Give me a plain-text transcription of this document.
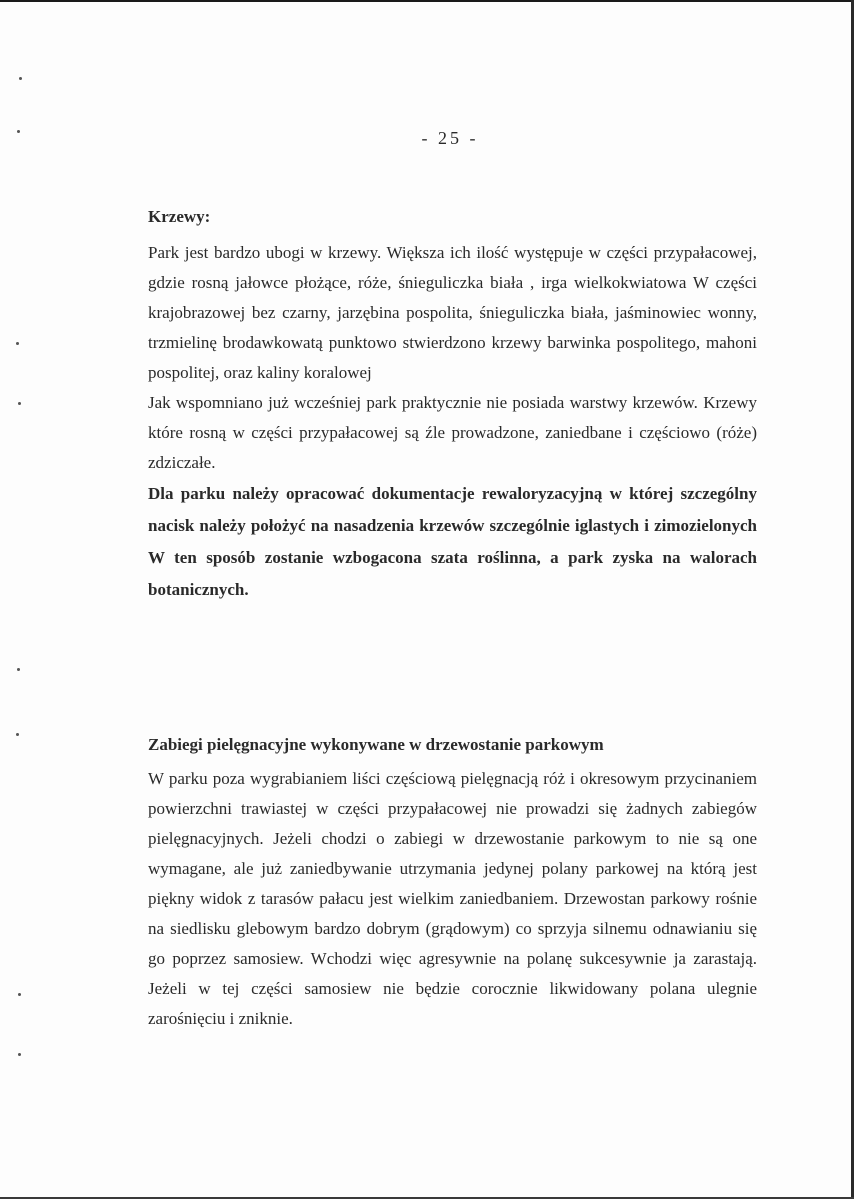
- 25 -
Krzewy:

Park jest bardzo ubogi w krzewy. Większa ich ilość występuje w części przypałacowej, gdzie rosną jałowce płożące, róże, śnieguliczka biała , irga wielkokwiatowa W części krajobrazowej bez czarny, jarzębina pospolita, śnieguliczka biała, jaśminowiec wonny, trzmielinę brodawkowatą punktowo stwierdzono krzewy barwinka pospolitego, mahoni pospolitej, oraz kaliny koralowej

Jak wspomniano już wcześniej park praktycznie nie posiada warstwy krzewów. Krzewy które rosną w części przypałacowej są źle prowadzone, zaniedbane i częściowo (róże) zdziczałe.

Dla parku należy opracować dokumentacje rewaloryzacyjną w której szczególny nacisk należy położyć na nasadzenia krzewów szczególnie iglastych i zimozielonych W ten sposób zostanie wzbogacona szata roślinna, a park zyska na walorach botanicznych.

Zabiegi pielęgnacyjne wykonywane w drzewostanie parkowym

W parku poza wygrabianiem liści częściową pielęgnacją róż i okresowym przycinaniem powierzchni trawiastej w części przypałacowej nie prowadzi się żadnych zabiegów pielęgnacyjnych. Jeżeli chodzi o zabiegi w drzewostanie parkowym to nie są one wymagane, ale już zaniedbywanie utrzymania jedynej polany parkowej na którą jest piękny widok z tarasów pałacu jest wielkim zaniedbaniem. Drzewostan parkowy rośnie na siedlisku glebowym bardzo dobrym (grądowym) co sprzyja silnemu odnawianiu się go poprzez samosiew. Wchodzi więc agresywnie na polanę sukcesywnie ja zarastają. Jeżeli w tej części samosiew nie będzie corocznie likwidowany polana ulegnie zarośnięciu i zniknie.
